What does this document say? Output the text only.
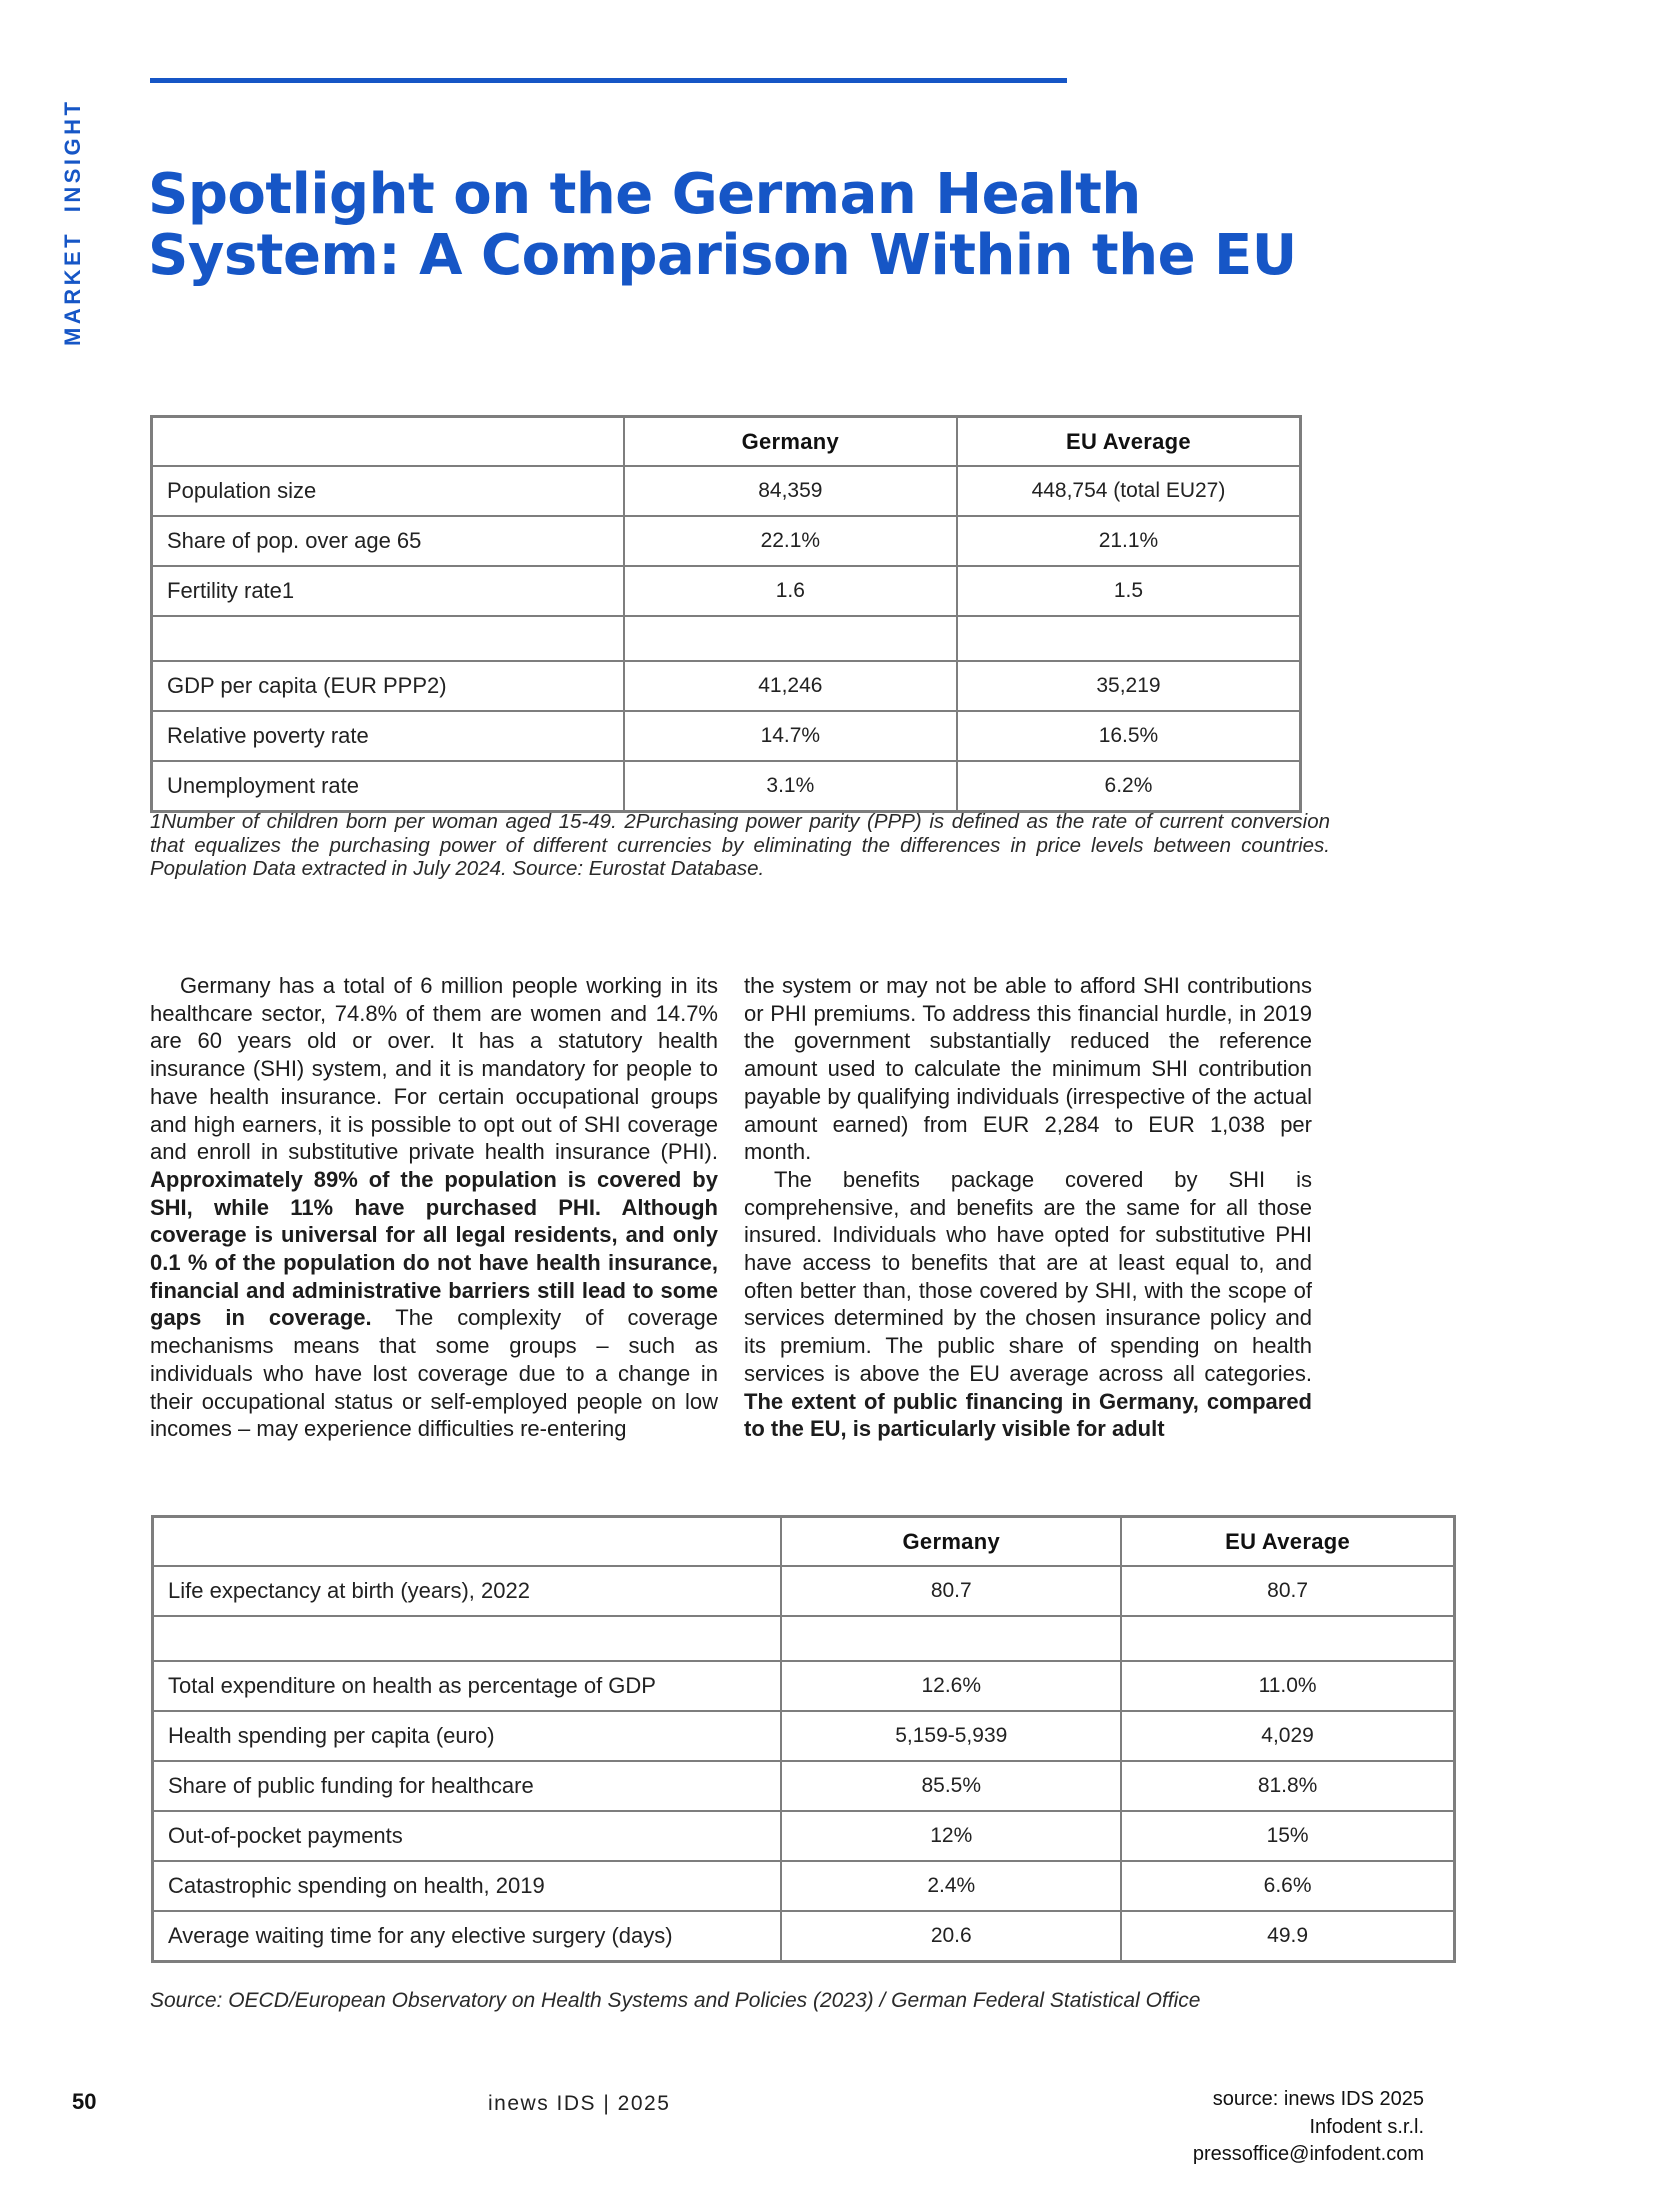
MARKET INSIGHT Spotlight on the German Health
System: A Comparison Within the EU
	Germany	EU Average
Population size	84,359	448,754 (total EU27)
Share of pop. over age 65	22.1%	21.1%
Fertility rate1	1.6	1.5

GDP per capita (EUR PPP2)	41,246	35,219
Relative poverty rate	14.7%	16.5%
Unemployment rate	3.1%	6.2%
1Number of children born per woman aged 15-49. 2Purchasing power parity (PPP) is defined as the rate of current conversion that equalizes the purchasing power of different currencies by eliminating the differences in price levels between countries. Population Data extracted in July 2024. Source: Eurostat Database.

Germany has a total of 6 million people working in its healthcare sector, 74.8% of them are women and 14.7% are 60 years old or over. It has a statutory health insurance (SHI) system, and it is mandatory for people to have health insurance. For certain occupational groups and high earners, it is possible to opt out of SHI coverage and enroll in substitutive private health insurance (PHI). Approximately 89% of the population is covered by SHI, while 11% have purchased PHI. Although coverage is universal for all legal residents, and only 0.1 % of the population do not have health insurance, financial and administrative barriers still lead to some gaps in coverage. The complexity of coverage mechanisms means that some groups – such as individuals who have lost coverage due to a change in their occupational status or self-employed people on low incomes – may experience difficulties re-entering

the system or may not be able to afford SHI contributions or PHI premiums. To address this financial hurdle, in 2019 the government substantially reduced the reference amount used to calculate the minimum SHI contribution payable by qualifying individuals (irrespective of the actual amount earned) from EUR 2,284 to EUR 1,038 per month.

The benefits package covered by SHI is comprehensive, and benefits are the same for all those insured. Individuals who have opted for substitutive PHI have access to benefits that are at least equal to, and often better than, those covered by SHI, with the scope of services determined by the chosen insurance policy and its premium. The public share of spending on health services is above the EU average across all categories. The extent of public financing in Germany, compared to the EU, is particularly visible for adult

	Germany	EU Average
Life expectancy at birth (years), 2022	80.7	80.7

Total expenditure on health as percentage of GDP	12.6%	11.0%
Health spending per capita (euro)	5,159-5,939	4,029
Share of public funding for healthcare	85.5%	81.8%
Out-of-pocket payments	12%	15%
Catastrophic spending on health, 2019	2.4%	6.6%
Average waiting time for any elective surgery (days)	20.6	49.9
Source: OECD/European Observatory on Health Systems and Policies (2023) / German Federal Statistical Office
50	inews IDS | 2025	source: inews IDS 2025
Infodent s.r.l.
pressoffice@infodent.com
